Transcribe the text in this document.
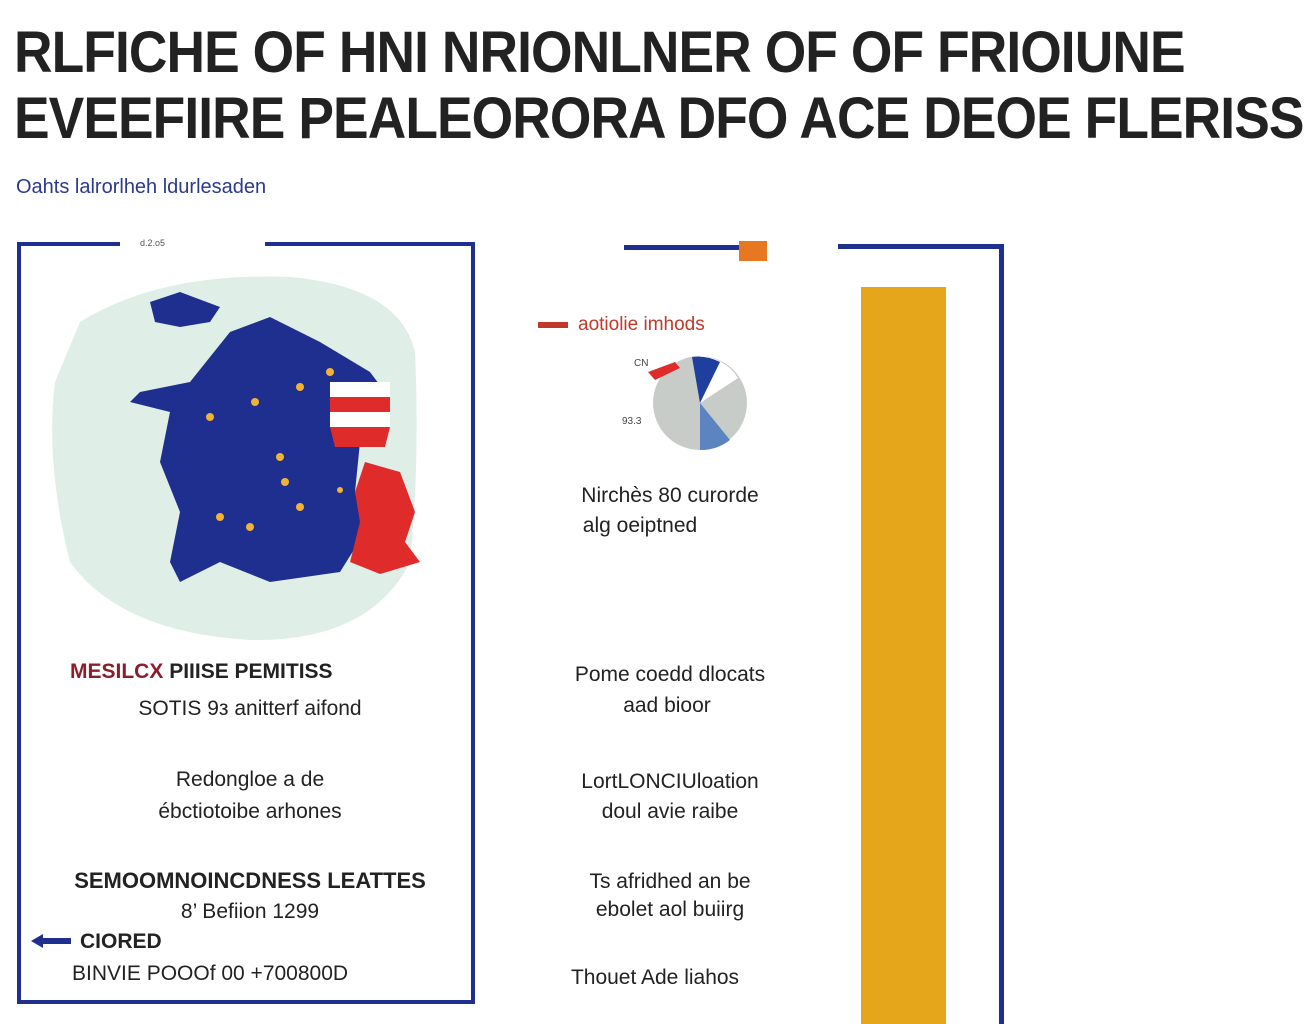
RLFICHE OF HNI NRIONLNER OF OF FRIOIUNE
EVEEFIIRE PEALEORORA DFO ACE DEOE FLERISS
Oahts lalrorlheh ldurlesaden
d.2.o5
MESILCX PIIISE PEMITISS
SOTIS 9з anitterf aifond
Redongloe a de
ébctiotoibe arhones
SEMOOMNOINCDNESS LEATTES
8’ Befiion 1299
CIORED
BINVIE POOOf 00 +700800D
aotiolie imhods
CN
93.3
Nirchès 80 curorde
alg oeiptned
Pome coedd dlocats
aad bioor
LortLONCIUloation
doul avie raibe
Ts afridhed an be
ebolet aol buiirg
Thouet Ade liahos
